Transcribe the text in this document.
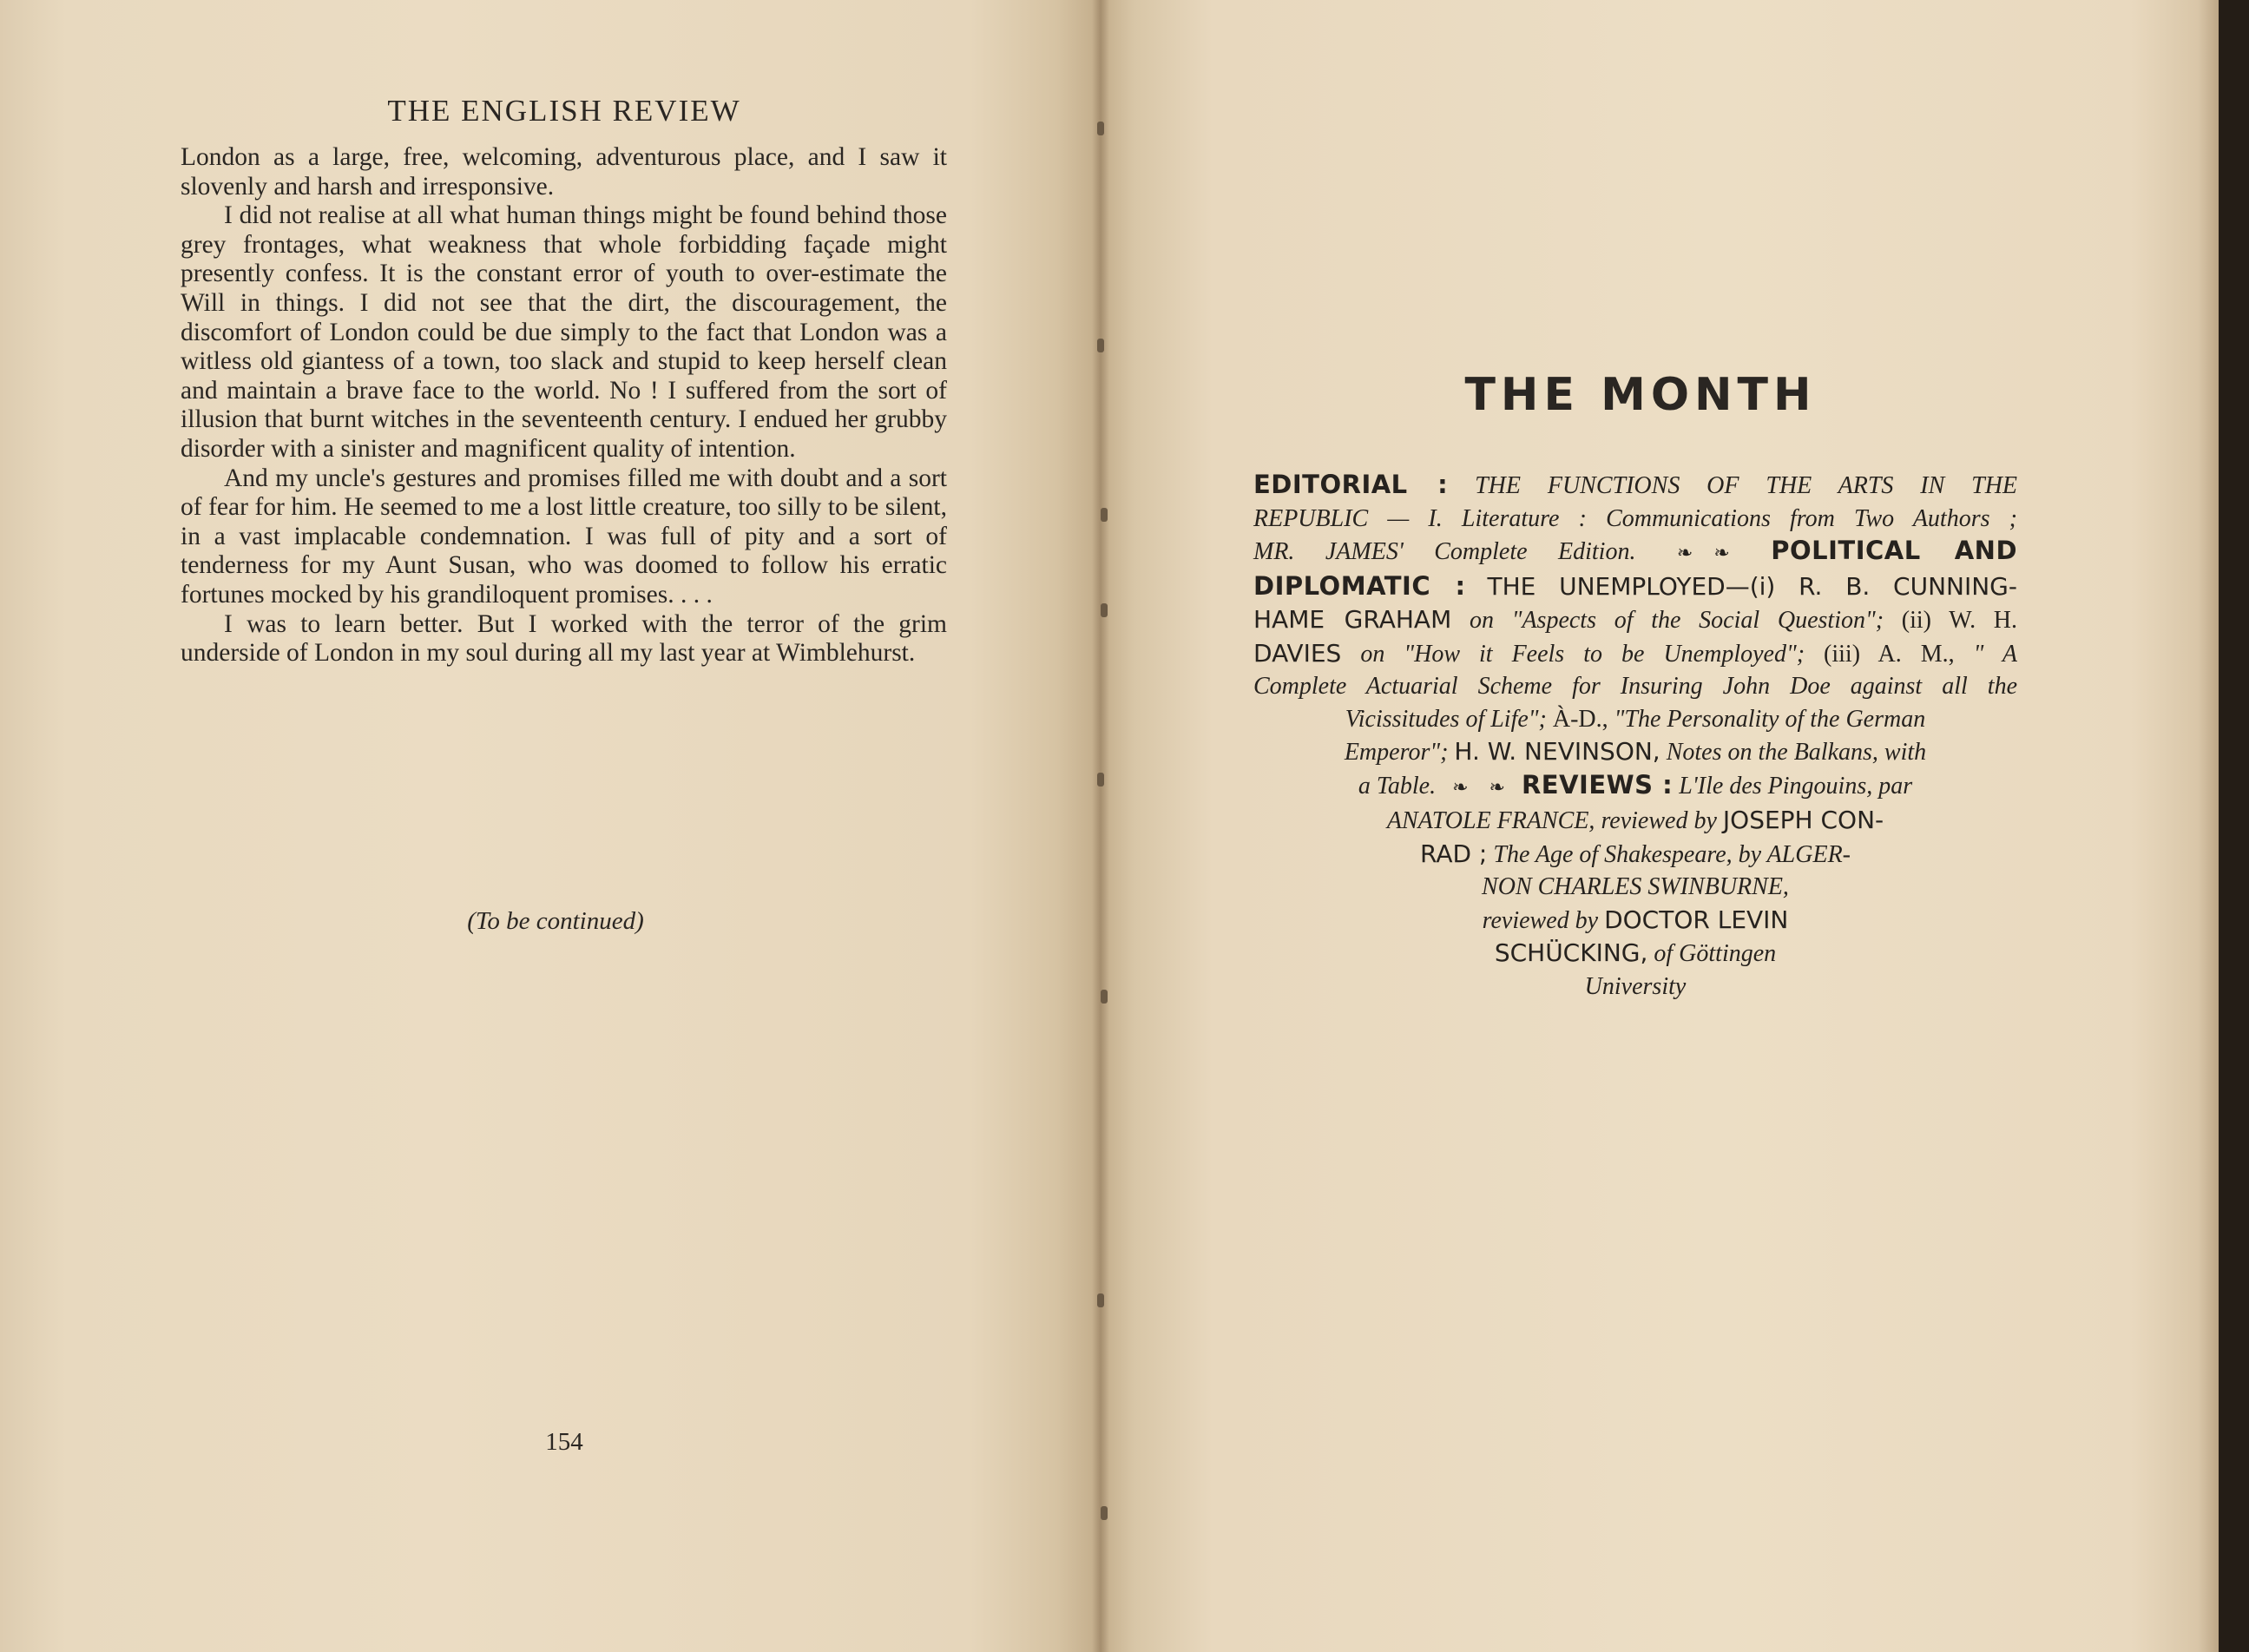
THE ENGLISH REVIEW

London as a large, free, welcoming, adventurous place, and I saw it slovenly and harsh and irresponsive.

I did not realise at all what human things might be found behind those grey frontages, what weakness that whole forbidding façade might presently confess. It is the constant error of youth to over-estimate the Will in things. I did not see that the dirt, the discouragement, the discomfort of London could be due simply to the fact that London was a witless old giantess of a town, too slack and stupid to keep herself clean and maintain a brave face to the world. No ! I suffered from the sort of illusion that burnt witches in the seventeenth century. I endued her grubby disorder with a sinister and magnificent quality of intention.

And my uncle's gestures and promises filled me with doubt and a sort of fear for him. He seemed to me a lost little creature, too silly to be silent, in a vast implacable condemnation. I was full of pity and a sort of tenderness for my Aunt Susan, who was doomed to follow his erratic fortunes mocked by his grandiloquent promises. . . .

I was to learn better. But I worked with the terror of the grim underside of London in my soul during all my last year at Wimblehurst.

(To be continued)
154
THE MONTH
EDITORIAL : THE FUNCTIONS OF THE ARTS IN THE
REPUBLIC — I. Literature : Communications from Two Authors ;
MR. JAMES' Complete Edition. ❧ ❧ POLITICAL AND
DIPLOMATIC : THE UNEMPLOYED—(i) R. B. CUNNING-
HAME GRAHAM on "Aspects of the Social Question"; (ii) W. H.
DAVIES on "How it Feels to be Unemployed"; (iii) A. M., " A
Complete Actuarial Scheme for Insuring John Doe against all the
Vicissitudes of Life"; À-D., "The Personality of the German
Emperor"; H. W. NEVINSON, Notes on the Balkans, with
a Table. ❧ ❧ REVIEWS : L'Ile des Pingouins, par
ANATOLE FRANCE, reviewed by JOSEPH CON-
RAD ; The Age of Shakespeare, by ALGER-
NON CHARLES SWINBURNE,
reviewed by DOCTOR LEVIN
SCHÜCKING, of Göttingen
University
